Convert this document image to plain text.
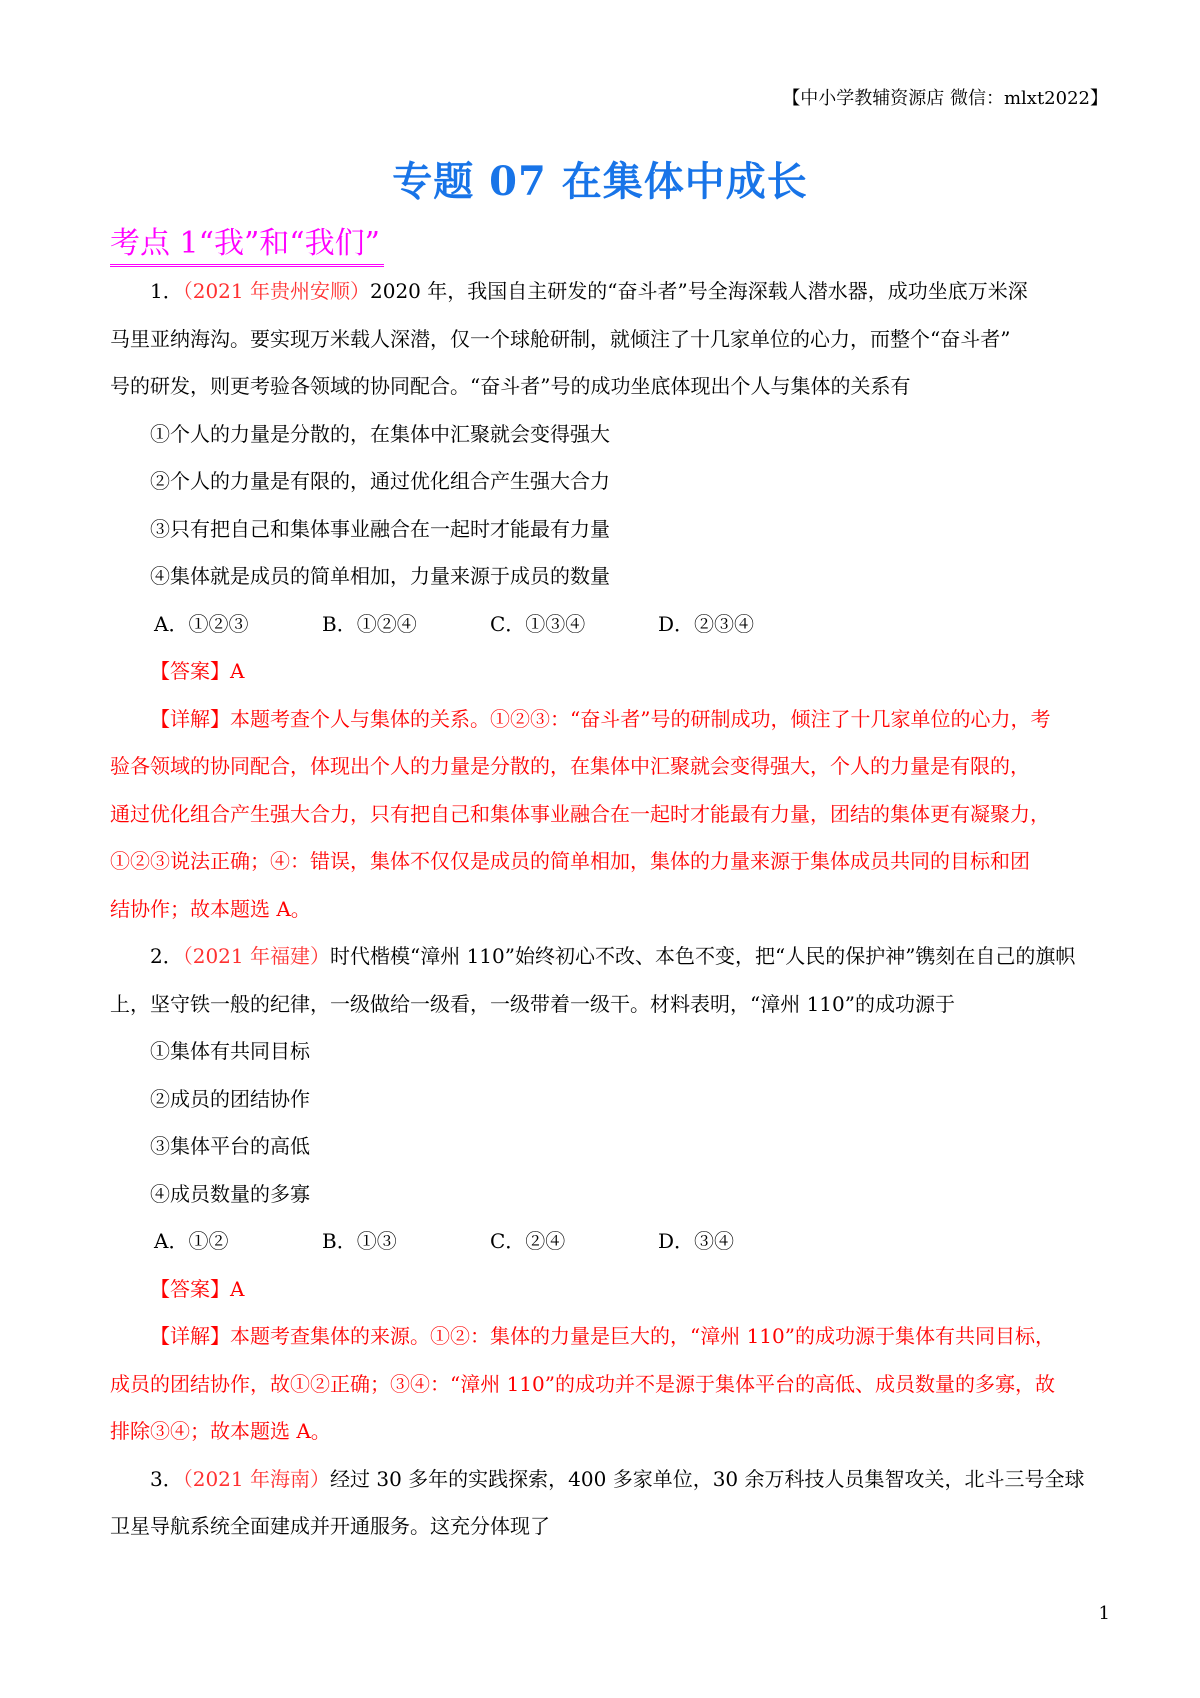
【中小学教辅资源店 微信：mlxt2022】
专题 07 在集体中成长
考点 1“我”和“我们”
1．（2021 年贵州安顺）2020 年，我国自主研发的“奋斗者”号全海深载人潜水器，成功坐底万米深
马里亚纳海沟。要实现万米载人深潜，仅一个球舱研制，就倾注了十几家单位的心力，而整个“奋斗者”
号的研发，则更考验各领域的协同配合。“奋斗者”号的成功坐底体现出个人与集体的关系有
①个人的力量是分散的，在集体中汇聚就会变得强大
②个人的力量是有限的，通过优化组合产生强大合力
③只有把自己和集体事业融合在一起时才能最有力量
④集体就是成员的简单相加，力量来源于成员的数量
A．①②③	B．①②④	C．①③④	D．②③④
【答案】A
【详解】本题考查个人与集体的关系。①②③：“奋斗者”号的研制成功，倾注了十几家单位的心力，考
验各领域的协同配合，体现出个人的力量是分散的，在集体中汇聚就会变得强大，个人的力量是有限的，
通过优化组合产生强大合力，只有把自己和集体事业融合在一起时才能最有力量，团结的集体更有凝聚力，
①②③说法正确；④：错误，集体不仅仅是成员的简单相加，集体的力量来源于集体成员共同的目标和团
结协作；故本题选 A。
2．（2021 年福建）时代楷模“漳州 110”始终初心不改、本色不变，把“人民的保护神”镌刻在自己的旗帜
上，坚守铁一般的纪律，一级做给一级看，一级带着一级干。材料表明，“漳州 110”的成功源于
①集体有共同目标
②成员的团结协作
③集体平台的高低
④成员数量的多寡
A．①②	B．①③	C．②④	D．③④
【答案】A
【详解】本题考查集体的来源。①②：集体的力量是巨大的，“漳州 110”的成功源于集体有共同目标，
成员的团结协作，故①②正确；③④：“漳州 110”的成功并不是源于集体平台的高低、成员数量的多寡，故
排除③④；故本题选 A。
3．（2021 年海南）经过 30 多年的实践探索，400 多家单位，30 余万科技人员集智攻关，北斗三号全球
卫星导航系统全面建成并开通服务。这充分体现了
1
